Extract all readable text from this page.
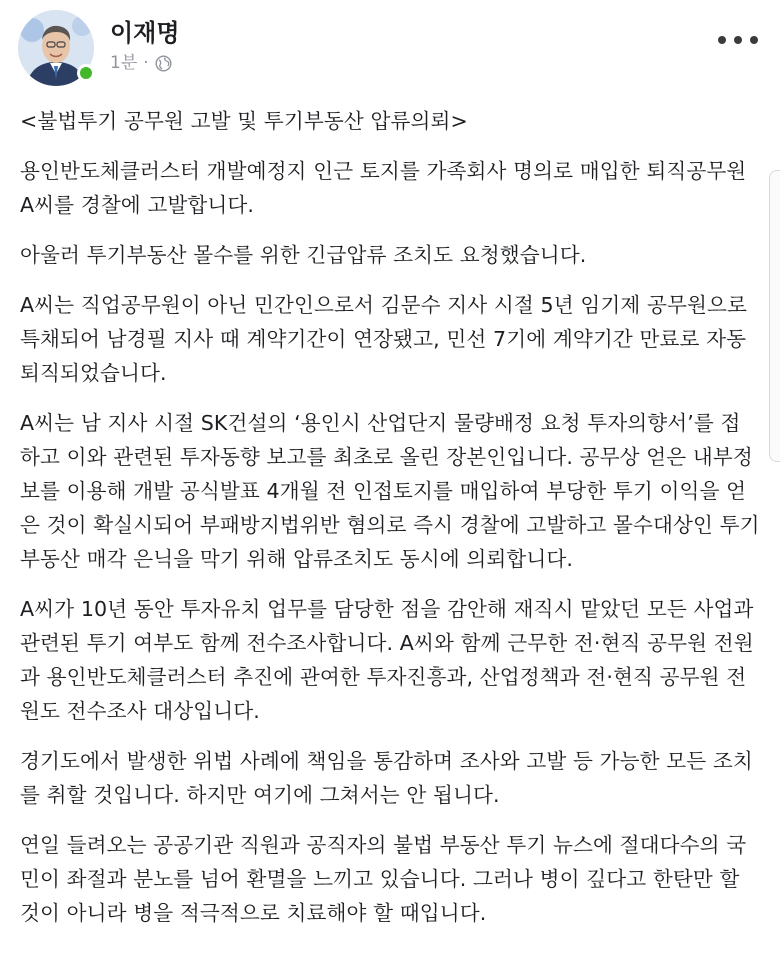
이재명
1분 ·

<불법투기 공무원 고발 및 투기부동산 압류의뢰>

용인반도체클러스터 개발예정지 인근 토지를 가족회사 명의로 매입한 퇴직공무원 A씨를 경찰에 고발합니다.

아울러 투기부동산 몰수를 위한 긴급압류 조치도 요청했습니다.

A씨는 직업공무원이 아닌 민간인으로서 김문수 지사 시절 5년 임기제 공무원으로 특채되어 남경필 지사 때 계약기간이 연장됐고, 민선 7기에 계약기간 만료로 자동퇴직되었습니다.

A씨는 남 지사 시절 SK건설의 ‘용인시 산업단지 물량배정 요청 투자의향서’를 접하고 이와 관련된 투자동향 보고를 최초로 올린 장본인입니다. 공무상 얻은 내부정보를 이용해 개발 공식발표 4개월 전 인접토지를 매입하여 부당한 투기 이익을 얻은 것이 확실시되어 부패방지법위반 혐의로 즉시 경찰에 고발하고 몰수대상인 투기 부동산 매각 은닉을 막기 위해 압류조치도 동시에 의뢰합니다.

A씨가 10년 동안 투자유치 업무를 담당한 점을 감안해 재직시 맡았던 모든 사업과 관련된 투기 여부도 함께 전수조사합니다. A씨와 함께 근무한 전·현직 공무원 전원과 용인반도체클러스터 추진에 관여한 투자진흥과, 산업정책과 전·현직 공무원 전원도 전수조사 대상입니다.

경기도에서 발생한 위법 사례에 책임을 통감하며 조사와 고발 등 가능한 모든 조치를 취할 것입니다. 하지만 여기에 그쳐서는 안 됩니다.

연일 들려오는 공공기관 직원과 공직자의 불법 부동산 투기 뉴스에 절대다수의 국민이 좌절과 분노를 넘어 환멸을 느끼고 있습니다. 그러나 병이 깊다고 한탄만 할 것이 아니라 병을 적극적으로 치료해야 할 때입니다.
